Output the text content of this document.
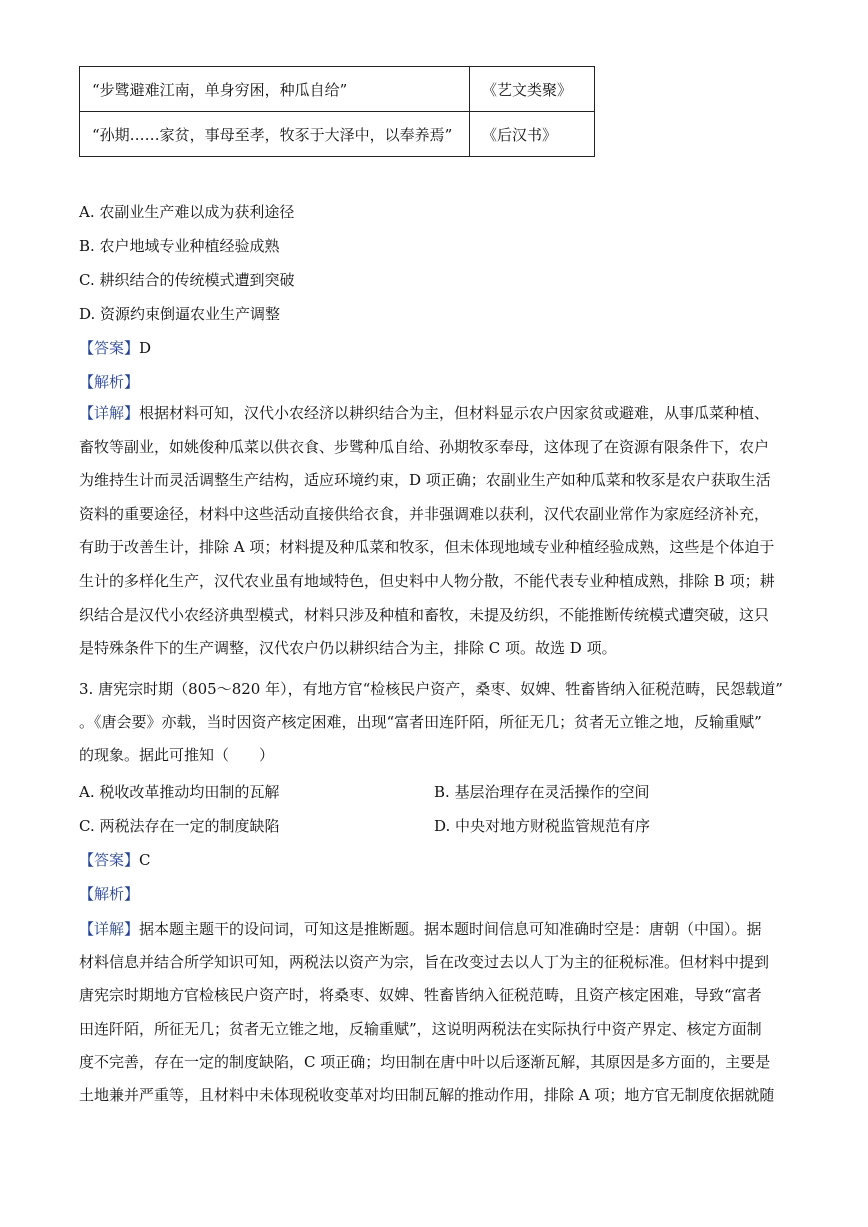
“步骘避难江南，单身穷困，种瓜自给”	《艺文类聚》
“孙期……家贫，事母至孝，牧豕于大泽中，以奉养焉”	《后汉书》
A. 农副业生产难以成为获利途径
B. 农户地域专业种植经验成熟
C. 耕织结合的传统模式遭到突破
D. 资源约束倒逼农业生产调整
【答案】D
【解析】
【详解】根据材料可知，汉代小农经济以耕织结合为主，但材料显示农户因家贫或避难，从事瓜菜种植、
畜牧等副业，如姚俊种瓜菜以供衣食、步骘种瓜自给、孙期牧豕奉母，这体现了在资源有限条件下，农户
为维持生计而灵活调整生产结构，适应环境约束，D 项正确；农副业生产如种瓜菜和牧豕是农户获取生活
资料的重要途径，材料中这些活动直接供给衣食，并非强调难以获利，汉代农副业常作为家庭经济补充，
有助于改善生计，排除 A 项；材料提及种瓜菜和牧豕，但未体现地域专业种植经验成熟，这些是个体迫于
生计的多样化生产，汉代农业虽有地域特色，但史料中人物分散，不能代表专业种植成熟，排除 B 项；耕
织结合是汉代小农经济典型模式，材料只涉及种植和畜牧，未提及纺织，不能推断传统模式遭突破，这只
是特殊条件下的生产调整，汉代农户仍以耕织结合为主，排除 C 项。故选 D 项。
3. 唐宪宗时期（805～820 年），有地方官“检核民户资产，桑枣、奴婢、牲畜皆纳入征税范畴，民怨载道”
。《唐会要》亦载，当时因资产核定困难，出现“富者田连阡陌，所征无几；贫者无立锥之地，反输重赋”
的现象。据此可推知（　　）
A. 税收改革推动均田制的瓦解	B. 基层治理存在灵活操作的空间
C. 两税法存在一定的制度缺陷	D. 中央对地方财税监管规范有序
【答案】C
【解析】
【详解】据本题主题干的设问词，可知这是推断题。据本题时间信息可知准确时空是：唐朝（中国）。据
材料信息并结合所学知识可知，两税法以资产为宗，旨在改变过去以人丁为主的征税标准。但材料中提到
唐宪宗时期地方官检核民户资产时，将桑枣、奴婢、牲畜皆纳入征税范畴，且资产核定困难，导致“富者
田连阡陌，所征无几；贫者无立锥之地，反输重赋”，这说明两税法在实际执行中资产界定、核定方面制
度不完善，存在一定的制度缺陷，C 项正确；均田制在唐中叶以后逐渐瓦解，其原因是多方面的，主要是
土地兼并严重等，且材料中未体现税收变革对均田制瓦解的推动作用，排除 A 项；地方官无制度依据就随
